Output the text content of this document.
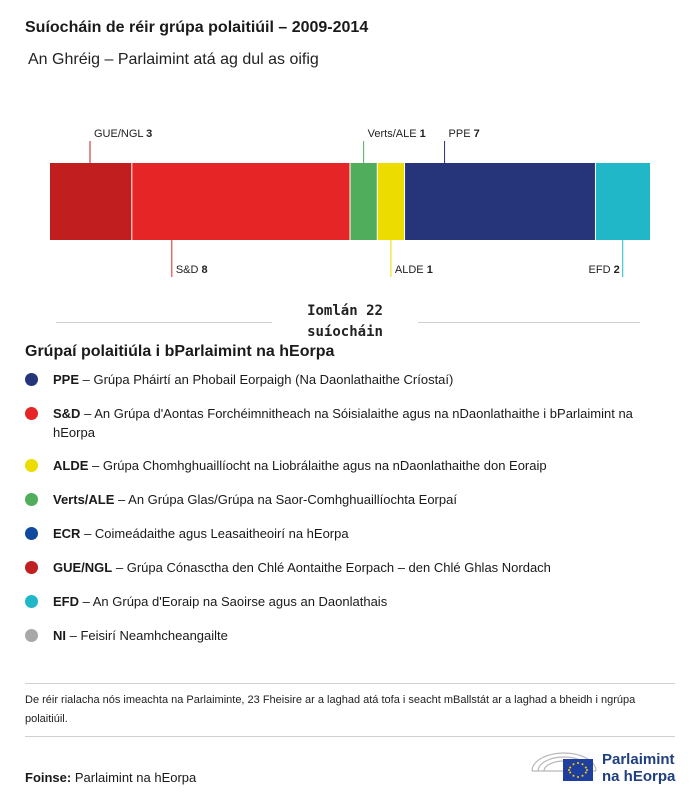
Suíocháin de réir grúpa polaitiúil – 2009-2014
An Ghréig – Parlaimint atá ag dul as oifig
GUE/NGL 3
S&D 8
Verts/ALE 1
ALDE 1
PPE 7
EFD 2
Iomlán 22
suíocháin
Grúpaí polaitiúla i bParlaimint na hEorpa
PPE – Grúpa Pháirtí an Phobail Eorpaigh (Na Daonlathaithe Críostaí)
S&D – An Grúpa d'Aontas Forchéimnitheach na Sóisialaithe agus na nDaonlathaithe i bParlaimint na hEorpa
ALDE – Grúpa Chomhghuaillíocht na Liobrálaithe agus na nDaonlathaithe don Eoraip
Verts/ALE – An Grúpa Glas/Grúpa na Saor-Comhghuaillíochta Eorpaí
ECR – Coimeádaithe agus Leasaitheoirí na hEorpa
GUE/NGL – Grúpa Cónasctha den Chlé Aontaithe Eorpach – den Chlé Ghlas Nordach
EFD – An Grúpa d'Eoraip na Saoirse agus an Daonlathais
NI – Feisirí Neamhcheangailte
De réir rialacha nós imeachta na Parlaiminte, 23 Fheisire ar a laghad atá tofa i seacht mBallstát ar a laghad a bheidh i ngrúpa polaitiúil.
Foinse: Parlaimint na hEorpa
Parlaimint
na hEorpa
